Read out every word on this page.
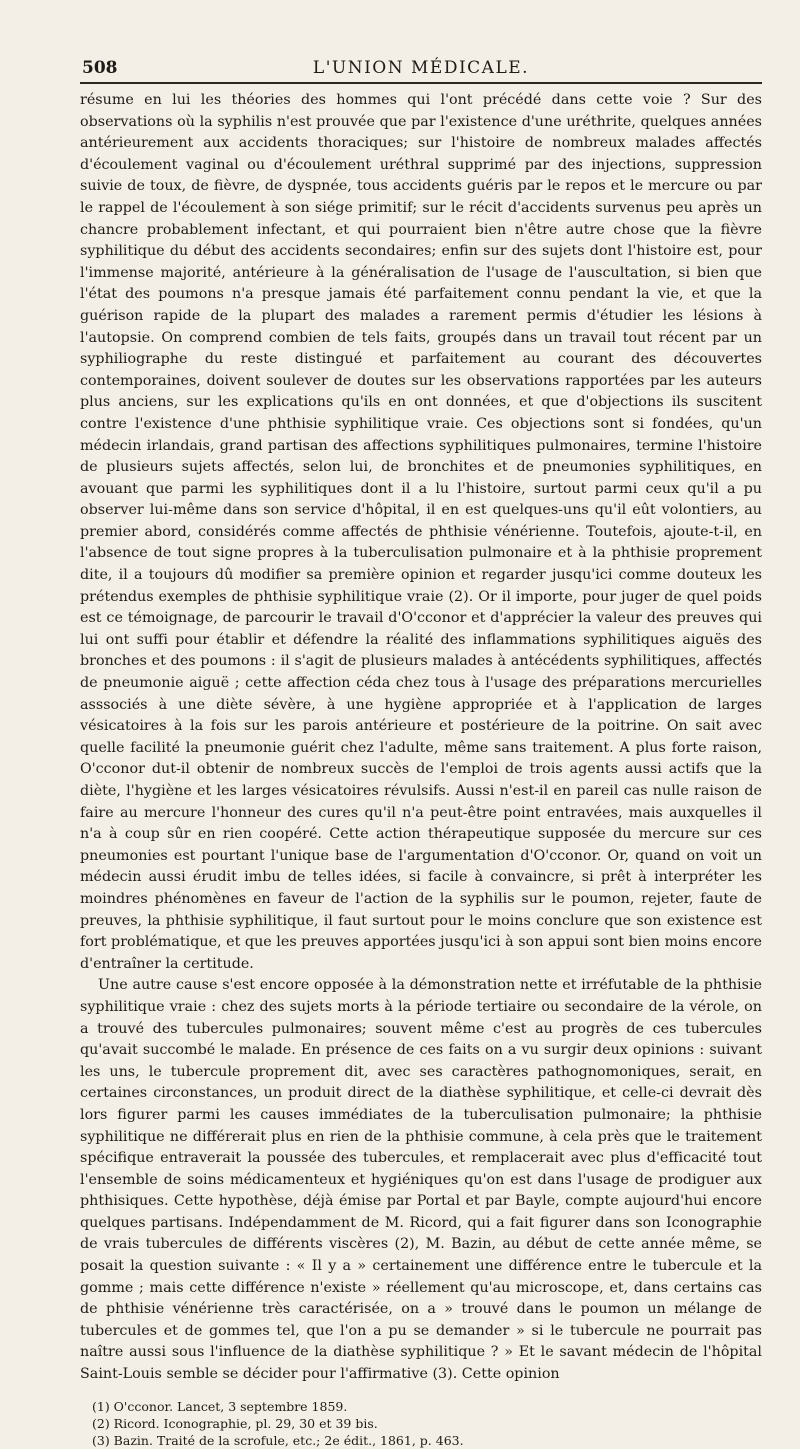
508	L'UNION MÉDICALE.

résume en lui les théories des hommes qui l'ont précédé dans cette voie ? Sur des observations où la syphilis n'est prouvée que par l'existence d'une uréthrite, quelques années antérieurement aux accidents thoraciques; sur l'histoire de nombreux malades affectés d'écoulement vaginal ou d'écoulement uréthral supprimé par des injections, suppression suivie de toux, de fièvre, de dyspnée, tous accidents guéris par le repos et le mercure ou par le rappel de l'écoulement à son siége primitif; sur le récit d'accidents survenus peu après un chancre probablement infectant, et qui pourraient bien n'être autre chose que la fièvre syphilitique du début des accidents secondaires; enfin sur des sujets dont l'histoire est, pour l'immense majorité, antérieure à la généralisation de l'usage de l'auscultation, si bien que l'état des poumons n'a presque jamais été parfaitement connu pendant la vie, et que la guérison rapide de la plupart des malades a rarement permis d'étudier les lésions à l'autopsie. On comprend combien de tels faits, groupés dans un travail tout récent par un syphiliographe du reste distingué et parfaitement au courant des découvertes contemporaines, doivent soulever de doutes sur les observations rapportées par les auteurs plus anciens, sur les explications qu'ils en ont données, et que d'objections ils suscitent contre l'existence d'une phthisie syphilitique vraie. Ces objections sont si fondées, qu'un médecin irlandais, grand partisan des affections syphilitiques pulmonaires, termine l'histoire de plusieurs sujets affectés, selon lui, de bronchites et de pneumonies syphilitiques, en avouant que parmi les syphilitiques dont il a lu l'histoire, surtout parmi ceux qu'il a pu observer lui-même dans son service d'hôpital, il en est quelques-uns qu'il eût volontiers, au premier abord, considérés comme affectés de phthisie vénérienne. Toutefois, ajoute-t-il, en l'absence de tout signe propres à la tuberculisation pulmonaire et à la phthisie proprement dite, il a toujours dû modifier sa première opinion et regarder jusqu'ici comme douteux les prétendus exemples de phthisie syphilitique vraie (2). Or il importe, pour juger de quel poids est ce témoignage, de parcourir le travail d'O'cconor et d'apprécier la valeur des preuves qui lui ont suffi pour établir et défendre la réalité des inflammations syphilitiques aiguës des bronches et des poumons : il s'agit de plusieurs malades à antécédents syphilitiques, affectés de pneumonie aiguë ; cette affection céda chez tous à l'usage des préparations mercurielles asssociés à une diète sévère, à une hygiène appropriée et à l'application de larges vésicatoires à la fois sur les parois antérieure et postérieure de la poitrine. On sait avec quelle facilité la pneumonie guérit chez l'adulte, même sans traitement. A plus forte raison, O'cconor dut-il obtenir de nombreux succès de l'emploi de trois agents aussi actifs que la diète, l'hygiène et les larges vésicatoires révulsifs. Aussi n'est-il en pareil cas nulle raison de faire au mercure l'honneur des cures qu'il n'a peut-être point entravées, mais auxquelles il n'a à coup sûr en rien coopéré. Cette action thérapeutique supposée du mercure sur ces pneumonies est pourtant l'unique base de l'argumentation d'O'cconor. Or, quand on voit un médecin aussi érudit imbu de telles idées, si facile à convaincre, si prêt à interpréter les moindres phénomènes en faveur de l'action de la syphilis sur le poumon, rejeter, faute de preuves, la phthisie syphilitique, il faut surtout pour le moins conclure que son existence est fort problématique, et que les preuves apportées jusqu'ici à son appui sont bien moins encore d'entraîner la certitude.

Une autre cause s'est encore opposée à la démonstration nette et irréfutable de la phthisie syphilitique vraie : chez des sujets morts à la période tertiaire ou secondaire de la vérole, on a trouvé des tubercules pulmonaires; souvent même c'est au progrès de ces tubercules qu'avait succombé le malade. En présence de ces faits on a vu surgir deux opinions : suivant les uns, le tubercule proprement dit, avec ses caractères pathognomoniques, serait, en certaines circonstances, un produit direct de la diathèse syphilitique, et celle-ci devrait dès lors figurer parmi les causes immédiates de la tuberculisation pulmonaire; la phthisie syphilitique ne différerait plus en rien de la phthisie commune, à cela près que le traitement spécifique entraverait la poussée des tubercules, et remplacerait avec plus d'efficacité tout l'ensemble de soins médicamenteux et hygiéniques qu'on est dans l'usage de prodiguer aux phthisiques. Cette hypothèse, déjà émise par Portal et par Bayle, compte aujourd'hui encore quelques partisans. Indépendamment de M. Ricord, qui a fait figurer dans son Iconographie de vrais tubercules de différents viscères (2), M. Bazin, au début de cette année même, se posait la question suivante : « Il y a » certainement une différence entre le tubercule et la gomme ; mais cette différence n'existe » réellement qu'au microscope, et, dans certains cas de phthisie vénérienne très caractérisée, on a » trouvé dans le poumon un mélange de tubercules et de gommes tel, que l'on a pu se demander » si le tubercule ne pourrait pas naître aussi sous l'influence de la diathèse syphilitique ? » Et le savant médecin de l'hôpital Saint-Louis semble se décider pour l'affirmative (3). Cette opinion

(1) O'cconor. Lancet, 3 septembre 1859.

(2) Ricord. Iconographie, pl. 29, 30 et 39 bis.

(3) Bazin. Traité de la scrofule, etc.; 2e édit., 1861, p. 463.
